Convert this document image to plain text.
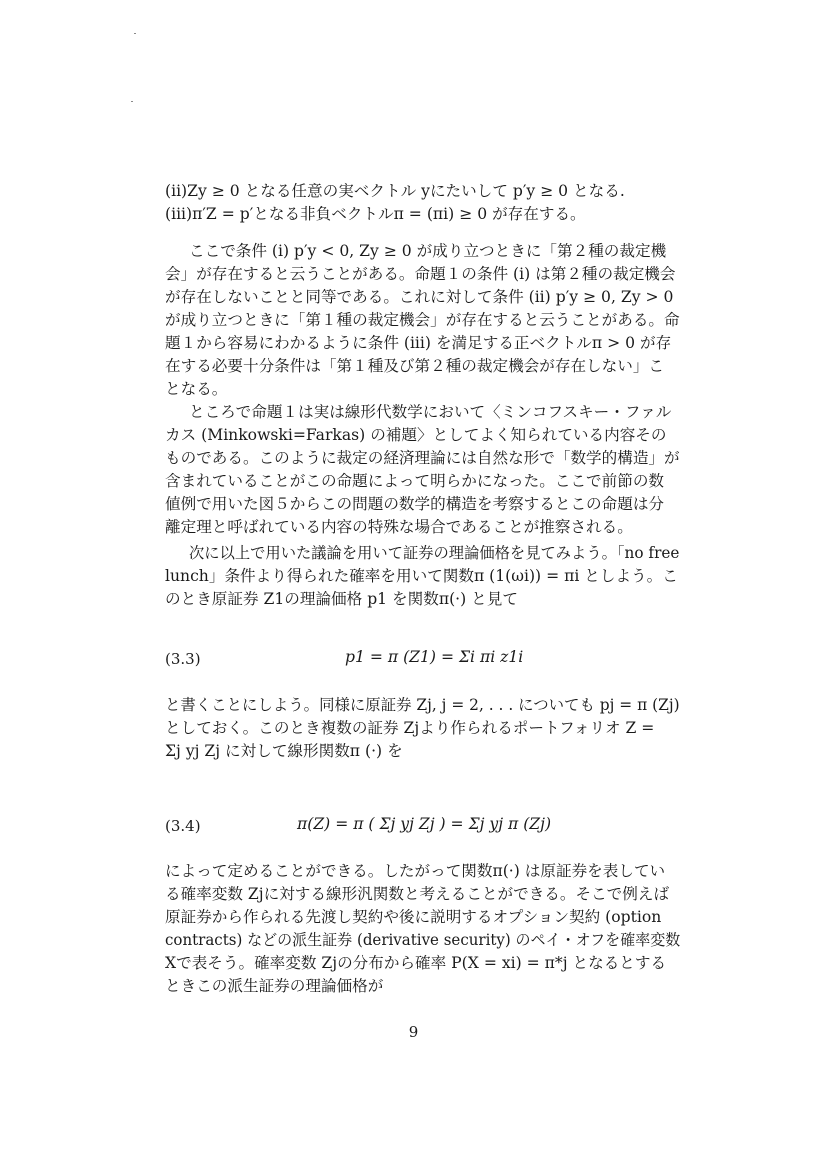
(ii)Zy ≥ 0 となる任意の実ベクトル yにたいして p′y ≥ 0 となる.
(iii)π′Z = p′となる非負ベクトルπ = (πi) ≥ 0 が存在する。
ここで条件 (i) p′y < 0, Zy ≥ 0 が成り立つときに「第２種の裁定機
会」が存在すると云うことがある。命題１の条件 (i) は第２種の裁定機会
が存在しないことと同等である。これに対して条件 (ii) p′y ≥ 0, Zy > 0
が成り立つときに「第１種の裁定機会」が存在すると云うことがある。命
題１から容易にわかるように条件 (iii) を満足する正ベクトルπ > 0 が存
在する必要十分条件は「第１種及び第２種の裁定機会が存在しない」こ
となる。
ところで命題１は実は線形代数学において〈ミンコフスキー・ファル
カス (Minkowski=Farkas) の補題〉としてよく知られている内容その
ものである。このように裁定の経済理論には自然な形で「数学的構造」が
含まれていることがこの命題によって明らかになった。ここで前節の数
値例で用いた図５からこの問題の数学的構造を考察するとこの命題は分
離定理と呼ばれている内容の特殊な場合であることが推察される。
次に以上で用いた議論を用いて証券の理論価格を見てみよう。「no free
lunch」条件より得られた確率を用いて関数π (1(ωi)) = πi としよう。こ
のとき原証券 Z1の理論価格 p1 を関数π(·) と見て
(3.3)	p1 = π (Z1) = Σi πi z1i
と書くことにしよう。同様に原証券 Zj, j = 2, . . . についても pj = π (Zj)
としておく。このとき複数の証券 Zjより作られるポートフォリオ Z =
Σj yj Zj に対して線形関数π (·) を
(3.4)	π(Z) = π ( Σj yj Zj ) = Σj yj π (Zj)
によって定めることができる。したがって関数π(·) は原証券を表してい
る確率変数 Zjに対する線形汎関数と考えることができる。そこで例えば
原証券から作られる先渡し契約や後に説明するオプション契約 (option
contracts) などの派生証券 (derivative security) のペイ・オフを確率変数
Xで表そう。確率変数 Zjの分布から確率 P(X = xi) = π*j となるとする
ときこの派生証券の理論価格が
9
